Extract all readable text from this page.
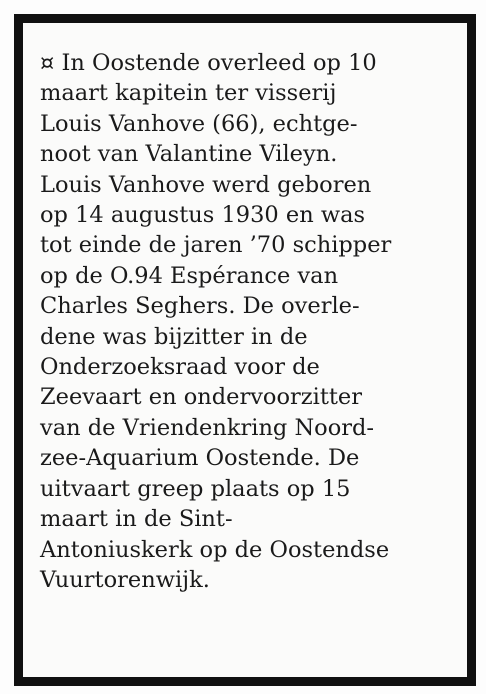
¤ In Oostende overleed op 10
maart kapitein ter visserij
Louis Vanhove (66), echtge-
noot van Valantine Vileyn.
Louis Vanhove werd geboren
op 14 augustus 1930 en was
tot einde de jaren ’70 schipper
op de O.94 Espérance van
Charles Seghers. De overle-
dene was bijzitter in de
Onderzoeksraad voor de
Zeevaart en ondervoorzitter
van de Vriendenkring Noord-
zee-Aquarium Oostende. De
uitvaart greep plaats op 15
maart in de Sint-
Antoniuskerk op de Oostendse
Vuurtorenwijk.
